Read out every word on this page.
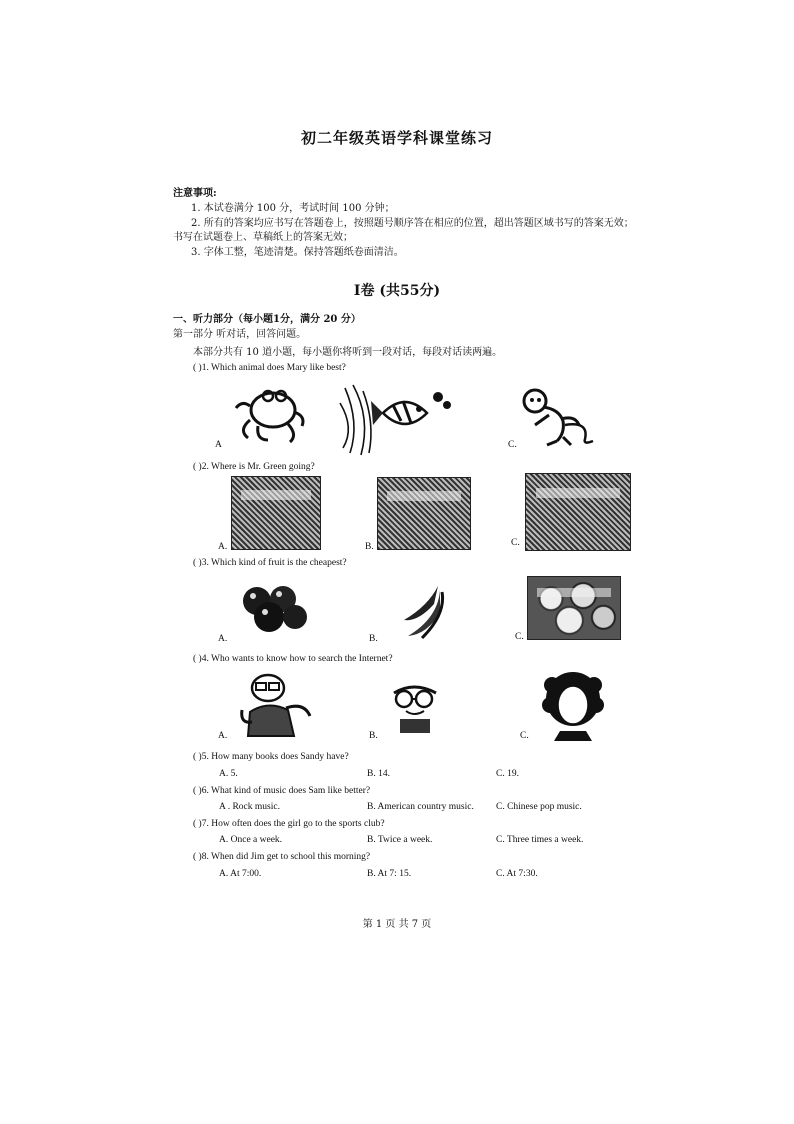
初二年级英语学科课堂练习
注意事项:
1. 本试卷满分 100 分，考试时间 100 分钟；
2. 所有的答案均应书写在答题卷上，按照题号顺序答在相应的位置，超出答题区域书写的答案无效；
书写在试题卷上、草稿纸上的答案无效；
3. 字体工整，笔迹清楚。保持答题纸卷面清洁。
I卷 (共55分)
一、听力部分（每小题1分，满分 20 分）
第一部分 听对话，回答问题。
本部分共有 10 道小题，每小题你将听到一段对话，每段对话读两遍。
( )1. Which animal does Mary like best?
A	C.
( )2. Where is Mr. Green going?
A.	B.	C.
( )3. Which kind of fruit is the cheapest?
A.	B.	C.
( )4. Who wants to know how to search the Internet?
A.	B.	C.
( )5. How many books does Sandy have?
A. 5.	B. 14.	C. 19.
( )6. What kind of music does Sam like better?
A . Rock music.	B. American country music. C. Chinese pop music.
( )7. How often does the girl go to the sports club?
A. Once a week.	B. Twice a week.	C. Three times a week.
( )8. When did Jim get to school this morning?
A. At 7:00.	B. At 7: 15.	C. At 7:30.
第 1 页 共 7 页
